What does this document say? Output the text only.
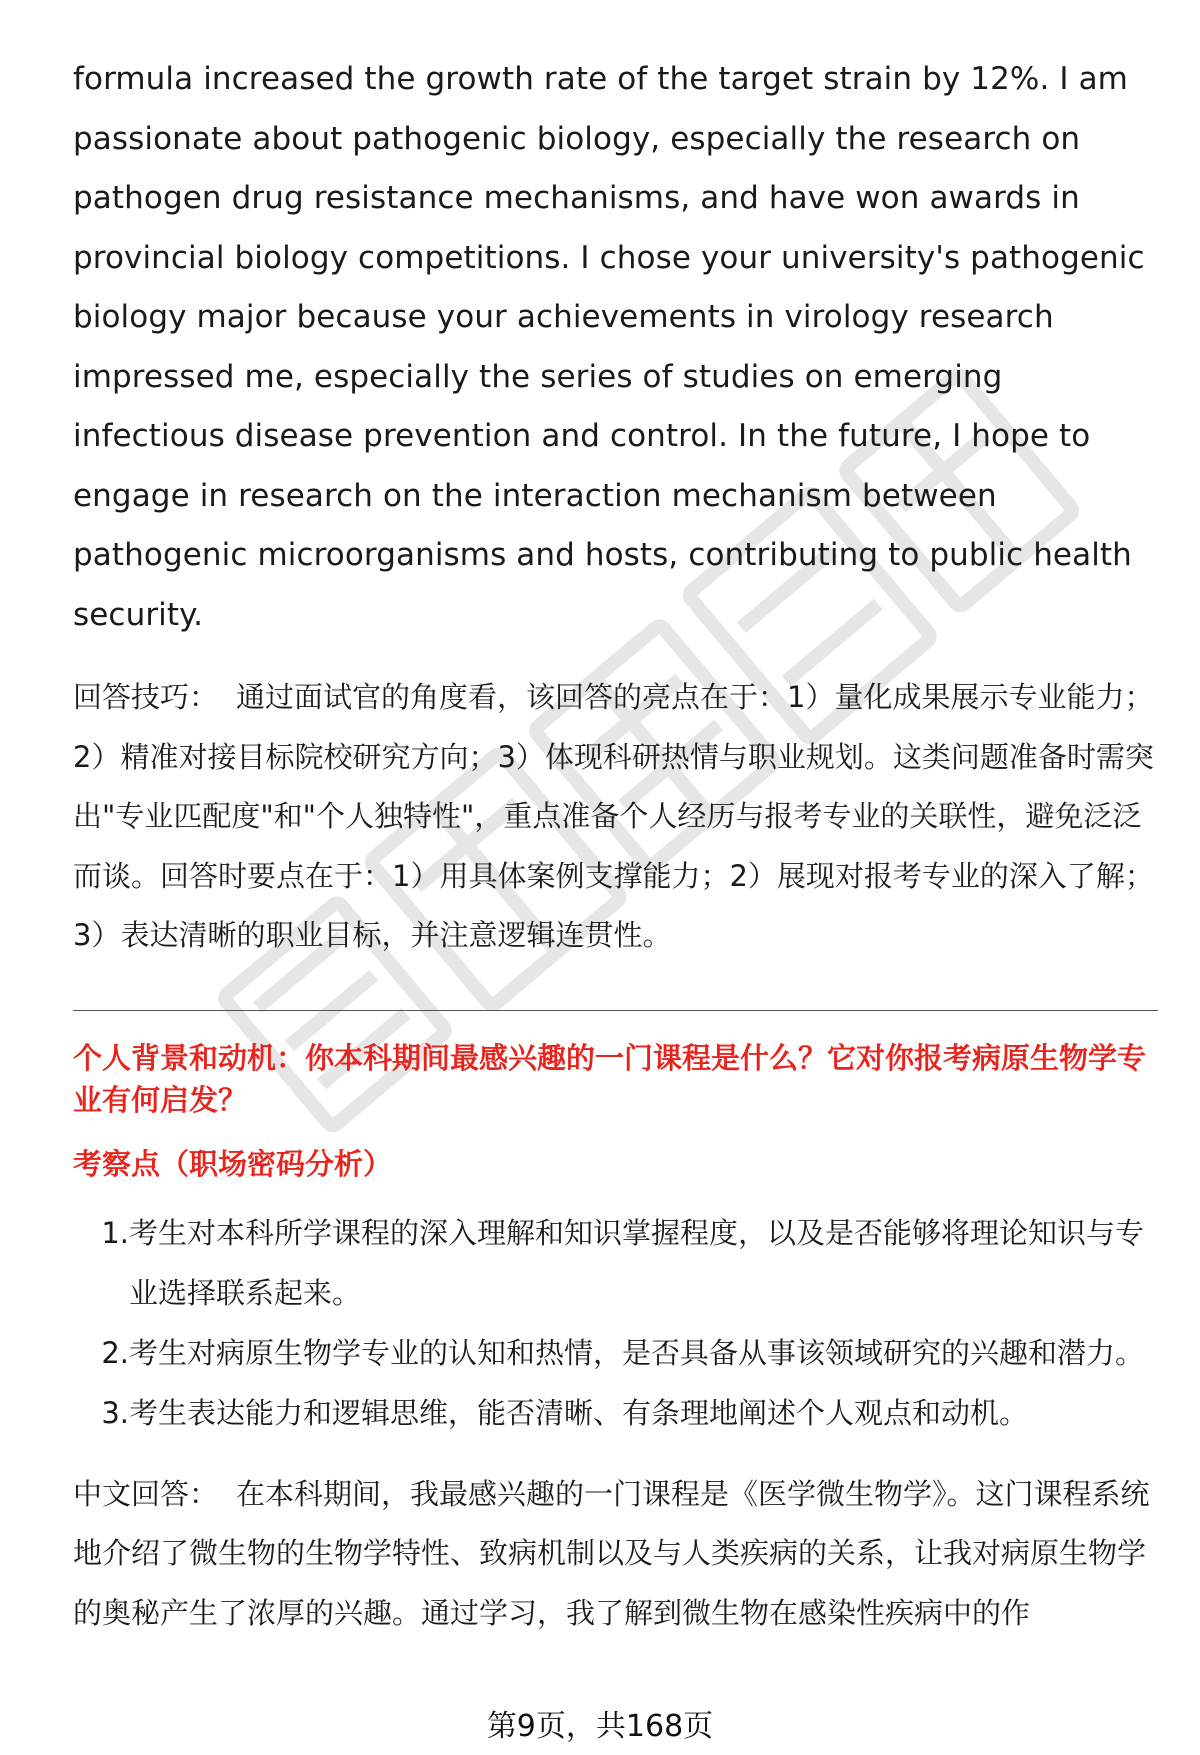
formula increased the growth rate of the target strain by 12%. I am passionate about pathogenic biology, especially the research on pathogen drug resistance mechanisms, and have won awards in provincial biology competitions. I chose your university's pathogenic biology major because your achievements in virology research impressed me, especially the series of studies on emerging infectious disease prevention and control. In the future, I hope to engage in research on the interaction mechanism between pathogenic microorganisms and hosts, contributing to public health security.

回答技巧： 通过面试官的角度看，该回答的亮点在于：1）量化成果展示专业能力；2）精准对接目标院校研究方向；3）体现科研热情与职业规划。这类问题准备时需突出"专业匹配度"和"个人独特性"，重点准备个人经历与报考专业的关联性，避免泛泛而谈。回答时要点在于：1）用具体案例支撑能力；2）展现对报考专业的深入了解；3）表达清晰的职业目标，并注意逻辑连贯性。

个人背景和动机：你本科期间最感兴趣的一门课程是什么？它对你报考病原生物学专业有何启发？
考察点（职场密码分析）
1. 考生对本科所学课程的深入理解和知识掌握程度，以及是否能够将理论知识与专业选择联系起来。
2. 考生对病原生物学专业的认知和热情，是否具备从事该领域研究的兴趣和潜力。
3. 考生表达能力和逻辑思维，能否清晰、有条理地阐述个人观点和动机。

中文回答： 在本科期间，我最感兴趣的一门课程是《医学微生物学》。这门课程系统地介绍了微生物的生物学特性、致病机制以及与人类疾病的关系，让我对病原生物学的奥秘产生了浓厚的兴趣。通过学习，我了解到微生物在感染性疾病中的作

第9页，共168页
